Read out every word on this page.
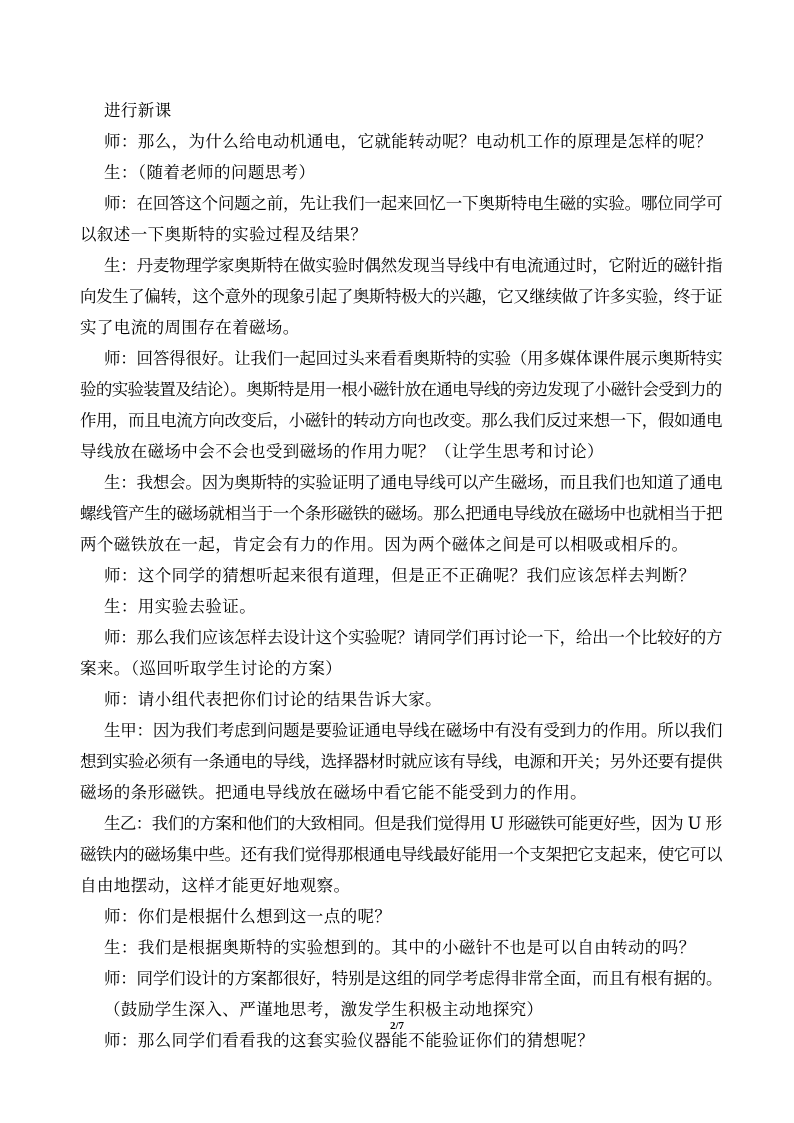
进行新课
师：那么，为什么给电动机通电，它就能转动呢？电动机工作的原理是怎样的呢？
生：（随着老师的问题思考）
师：在回答这个问题之前，先让我们一起来回忆一下奥斯特电生磁的实验。哪位同学可
以叙述一下奥斯特的实验过程及结果？
生：丹麦物理学家奥斯特在做实验时偶然发现当导线中有电流通过时，它附近的磁针指
向发生了偏转，这个意外的现象引起了奥斯特极大的兴趣，它又继续做了许多实验，终于证
实了电流的周围存在着磁场。
师：回答得很好。让我们一起回过头来看看奥斯特的实验（用多媒体课件展示奥斯特实
验的实验装置及结论）。奥斯特是用一根小磁针放在通电导线的旁边发现了小磁针会受到力的
作用，而且电流方向改变后，小磁针的转动方向也改变。那么我们反过来想一下，假如通电
导线放在磁场中会不会也受到磁场的作用力呢？（让学生思考和讨论）
生：我想会。因为奥斯特的实验证明了通电导线可以产生磁场，而且我们也知道了通电
螺线管产生的磁场就相当于一个条形磁铁的磁场。那么把通电导线放在磁场中也就相当于把
两个磁铁放在一起，肯定会有力的作用。因为两个磁体之间是可以相吸或相斥的。
师：这个同学的猜想听起来很有道理，但是正不正确呢？我们应该怎样去判断？
生：用实验去验证。
师：那么我们应该怎样去设计这个实验呢？请同学们再讨论一下，给出一个比较好的方
案来。（巡回听取学生讨论的方案）
师：请小组代表把你们讨论的结果告诉大家。
生甲：因为我们考虑到问题是要验证通电导线在磁场中有没有受到力的作用。所以我们
想到实验必须有一条通电的导线，选择器材时就应该有导线，电源和开关；另外还要有提供
磁场的条形磁铁。把通电导线放在磁场中看它能不能受到力的作用。
生乙：我们的方案和他们的大致相同。但是我们觉得用 U 形磁铁可能更好些，因为 U 形
磁铁内的磁场集中些。还有我们觉得那根通电导线最好能用一个支架把它支起来，使它可以
自由地摆动，这样才能更好地观察。
师：你们是根据什么想到这一点的呢？
生：我们是根据奥斯特的实验想到的。其中的小磁针不也是可以自由转动的吗？
师：同学们设计的方案都很好，特别是这组的同学考虑得非常全面，而且有根有据的。
（鼓励学生深入、严谨地思考，激发学生积极主动地探究）
师：那么同学们看看我的这套实验仪器能不能验证你们的猜想呢？
2/7
